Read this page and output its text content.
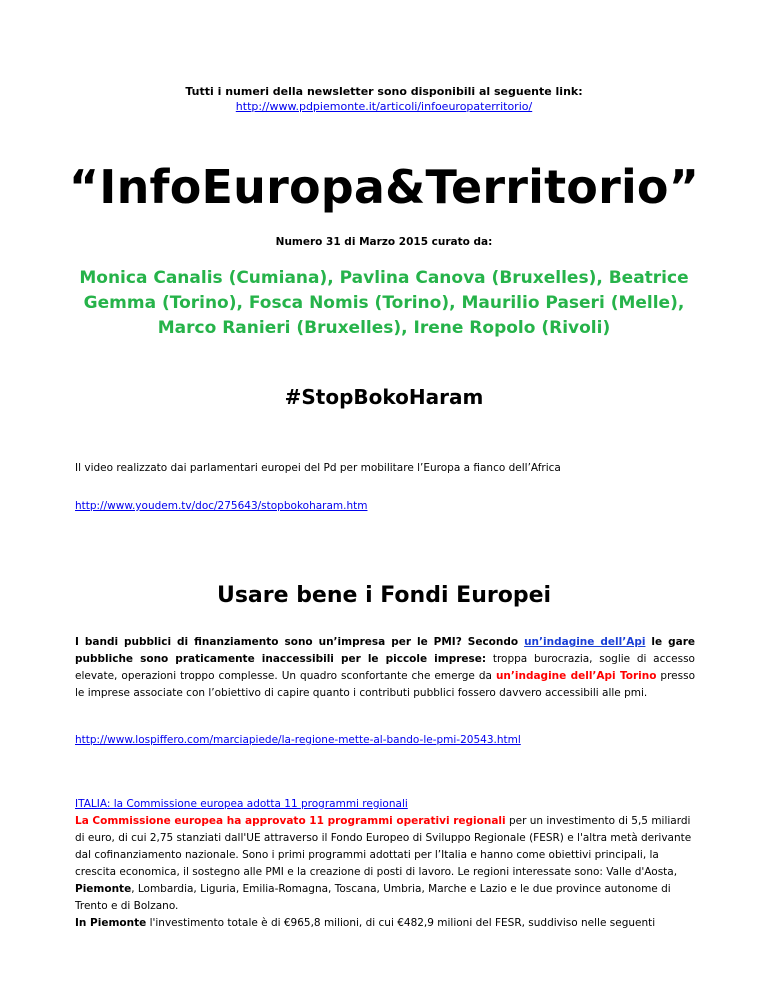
Tutti i numeri della newsletter sono disponibili al seguente link:
http://www.pdpiemonte.it/articoli/infoeuropaterritorio/
“InfoEuropa&Territorio”
Numero 31 di Marzo 2015 curato da:
Monica Canalis (Cumiana), Pavlina Canova (Bruxelles), Beatrice Gemma (Torino), Fosca Nomis (Torino), Maurilio Paseri (Melle), Marco Ranieri (Bruxelles), Irene Ropolo (Rivoli)
#StopBokoHaram
Il video realizzato dai parlamentari europei del Pd per mobilitare l’Europa a fianco dell’Africa
http://www.youdem.tv/doc/275643/stopbokoharam.htm
Usare bene i Fondi Europei
I bandi pubblici di finanziamento sono un’impresa per le PMI? Secondo un’indagine dell’Api le gare pubbliche sono praticamente inaccessibili per le piccole imprese: troppa burocrazia, soglie di accesso elevate, operazioni troppo complesse. Un quadro sconfortante che emerge da un’indagine dell’Api Torino presso le imprese associate con l’obiettivo di capire quanto i contributi pubblici fossero davvero accessibili alle pmi.
http://www.lospiffero.com/marciapiede/la-regione-mette-al-bando-le-pmi-20543.html
ITALIA: la Commissione europea adotta 11 programmi regionali
La Commissione europea ha approvato 11 programmi operativi regionali per un investimento di 5,5 miliardi di euro, di cui 2,75 stanziati dall'UE attraverso il Fondo Europeo di Sviluppo Regionale (FESR) e l'altra metà derivante dal cofinanziamento nazionale. Sono i primi programmi adottati per l’Italia e hanno come obiettivi principali, la crescita economica, il sostegno alle PMI e la creazione di posti di lavoro. Le regioni interessate sono: Valle d'Aosta, Piemonte, Lombardia, Liguria, Emilia-Romagna, Toscana, Umbria, Marche e Lazio e le due province autonome di Trento e di Bolzano.
In Piemonte l'investimento totale è di €965,8 milioni, di cui €482,9 milioni del FESR, suddiviso nelle seguenti
